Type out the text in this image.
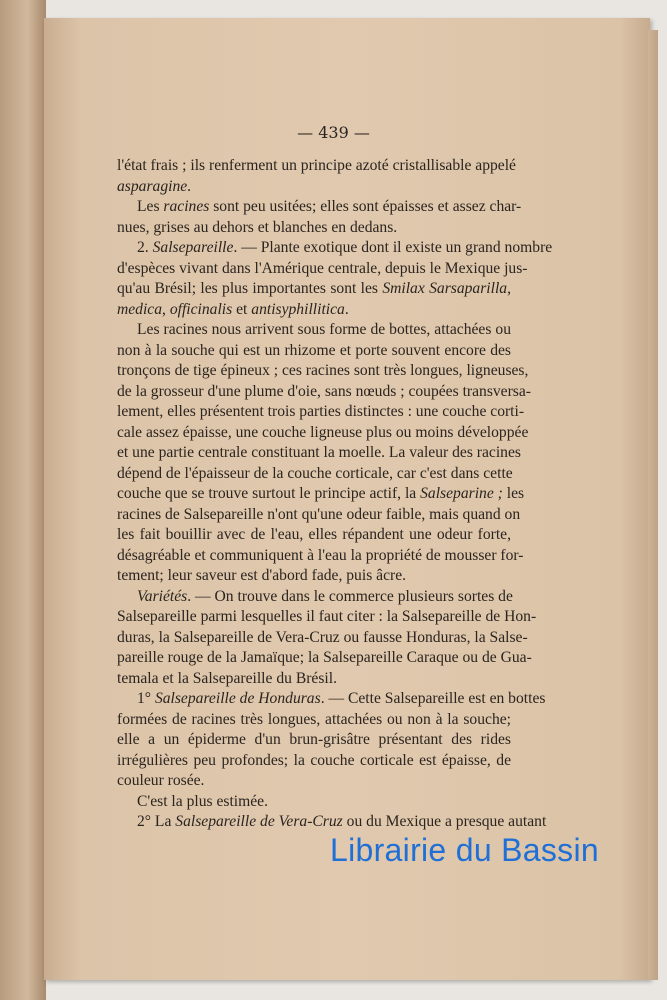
— 439 —
l'état frais ; ils renferment un principe azoté cristallisable appelé
asparagine.
Les racines sont peu usitées; elles sont épaisses et assez char-
nues, grises au dehors et blanches en dedans.
2. Salsepareille. — Plante exotique dont il existe un grand nombre
d'espèces vivant dans l'Amérique centrale, depuis le Mexique jus-
qu'au Brésil; les plus importantes sont les Smilax Sarsaparilla,
medica, officinalis et antisyphillitica.
Les racines nous arrivent sous forme de bottes, attachées ou
non à la souche qui est un rhizome et porte souvent encore des
tronçons de tige épineux ; ces racines sont très longues, ligneuses,
de la grosseur d'une plume d'oie, sans nœuds ; coupées transversa-
lement, elles présentent trois parties distinctes : une couche corti-
cale assez épaisse, une couche ligneuse plus ou moins développée
et une partie centrale constituant la moelle. La valeur des racines
dépend de l'épaisseur de la couche corticale, car c'est dans cette
couche que se trouve surtout le principe actif, la Salseparine ; les
racines de Salsepareille n'ont qu'une odeur faible, mais quand on
les fait bouillir avec de l'eau, elles répandent une odeur forte,
désagréable et communiquent à l'eau la propriété de mousser for-
tement; leur saveur est d'abord fade, puis âcre.
Variétés. — On trouve dans le commerce plusieurs sortes de
Salsepareille parmi lesquelles il faut citer : la Salsepareille de Hon-
duras, la Salsepareille de Vera-Cruz ou fausse Honduras, la Salse-
pareille rouge de la Jamaïque; la Salsepareille Caraque ou de Gua-
temala et la Salsepareille du Brésil.
1° Salsepareille de Honduras. — Cette Salsepareille est en bottes
formées de racines très longues, attachées ou non à la souche;
elle a un épiderme d'un brun-grisâtre présentant des rides
irrégulières peu profondes; la couche corticale est épaisse, de
couleur rosée.
C'est la plus estimée.
2° La Salsepareille de Vera-Cruz ou du Mexique a presque autant
Librairie du Bassin
